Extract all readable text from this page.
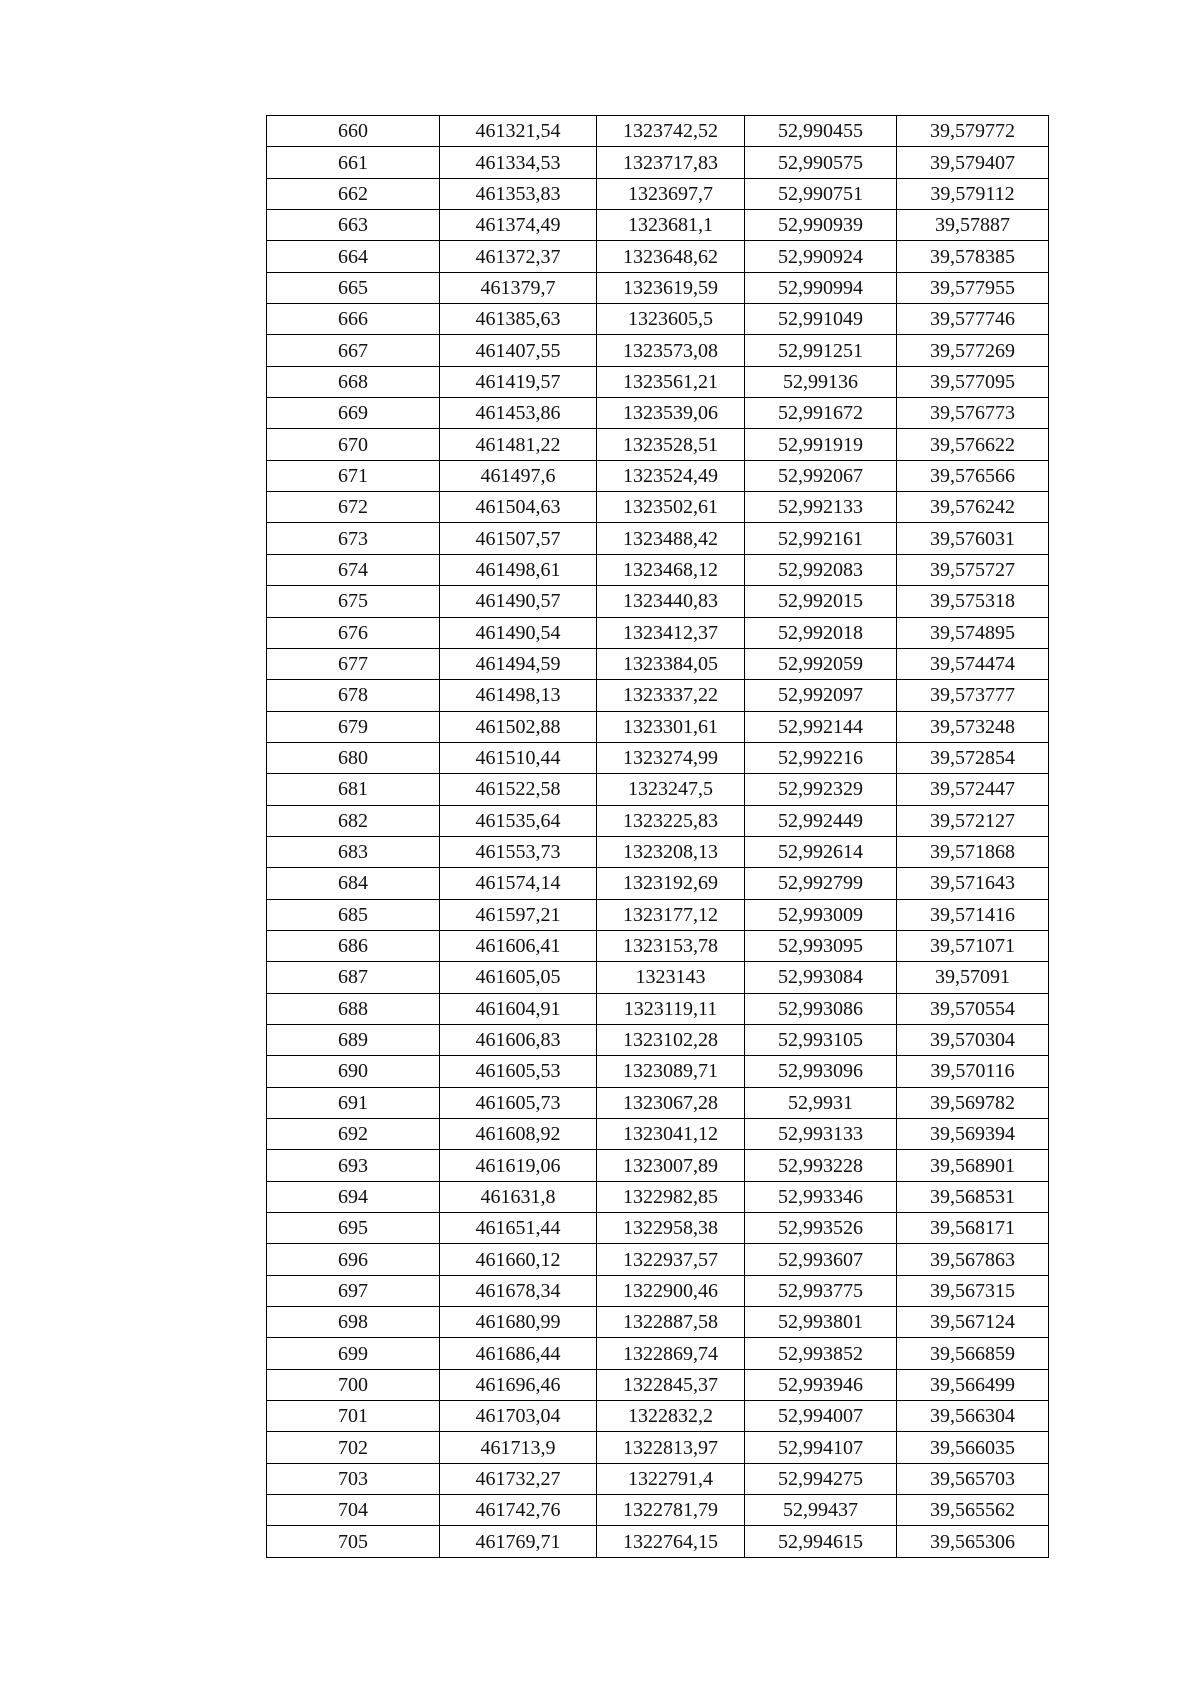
660	461321,54	1323742,52	52,990455	39,579772
661	461334,53	1323717,83	52,990575	39,579407
662	461353,83	1323697,7	52,990751	39,579112
663	461374,49	1323681,1	52,990939	39,57887
664	461372,37	1323648,62	52,990924	39,578385
665	461379,7	1323619,59	52,990994	39,577955
666	461385,63	1323605,5	52,991049	39,577746
667	461407,55	1323573,08	52,991251	39,577269
668	461419,57	1323561,21	52,99136	39,577095
669	461453,86	1323539,06	52,991672	39,576773
670	461481,22	1323528,51	52,991919	39,576622
671	461497,6	1323524,49	52,992067	39,576566
672	461504,63	1323502,61	52,992133	39,576242
673	461507,57	1323488,42	52,992161	39,576031
674	461498,61	1323468,12	52,992083	39,575727
675	461490,57	1323440,83	52,992015	39,575318
676	461490,54	1323412,37	52,992018	39,574895
677	461494,59	1323384,05	52,992059	39,574474
678	461498,13	1323337,22	52,992097	39,573777
679	461502,88	1323301,61	52,992144	39,573248
680	461510,44	1323274,99	52,992216	39,572854
681	461522,58	1323247,5	52,992329	39,572447
682	461535,64	1323225,83	52,992449	39,572127
683	461553,73	1323208,13	52,992614	39,571868
684	461574,14	1323192,69	52,992799	39,571643
685	461597,21	1323177,12	52,993009	39,571416
686	461606,41	1323153,78	52,993095	39,571071
687	461605,05	1323143	52,993084	39,57091
688	461604,91	1323119,11	52,993086	39,570554
689	461606,83	1323102,28	52,993105	39,570304
690	461605,53	1323089,71	52,993096	39,570116
691	461605,73	1323067,28	52,9931	39,569782
692	461608,92	1323041,12	52,993133	39,569394
693	461619,06	1323007,89	52,993228	39,568901
694	461631,8	1322982,85	52,993346	39,568531
695	461651,44	1322958,38	52,993526	39,568171
696	461660,12	1322937,57	52,993607	39,567863
697	461678,34	1322900,46	52,993775	39,567315
698	461680,99	1322887,58	52,993801	39,567124
699	461686,44	1322869,74	52,993852	39,566859
700	461696,46	1322845,37	52,993946	39,566499
701	461703,04	1322832,2	52,994007	39,566304
702	461713,9	1322813,97	52,994107	39,566035
703	461732,27	1322791,4	52,994275	39,565703
704	461742,76	1322781,79	52,99437	39,565562
705	461769,71	1322764,15	52,994615	39,565306
